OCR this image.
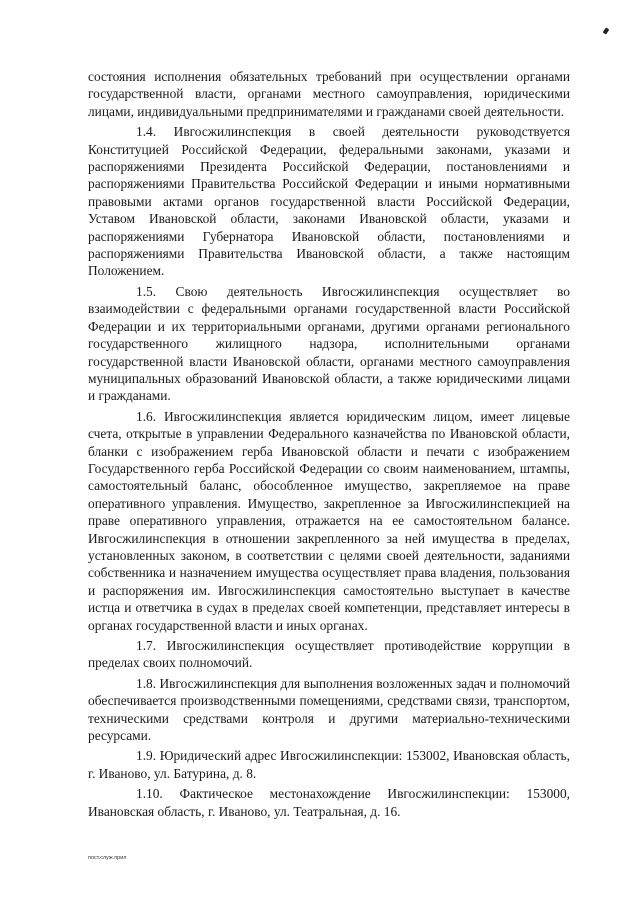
состояния исполнения обязательных требований при осуществлении органами государственной власти, органами местного самоуправления, юридическими лицами, индивидуальными предпринимателями и гражданами своей деятельности.

1.4. Ивгосжилинспекция в своей деятельности руководствуется Конституцией Российской Федерации, федеральными законами, указами и распоряжениями Президента Российской Федерации, постановлениями и распоряжениями Правительства Российской Федерации и иными нормативными правовыми актами органов государственной власти Российской Федерации, Уставом Ивановской области, законами Ивановской области, указами и распоряжениями Губернатора Ивановской области, постановлениями и распоряжениями Правительства Ивановской области, а также настоящим Положением.

1.5. Свою деятельность Ивгосжилинспекция осуществляет во взаимодействии с федеральными органами государственной власти Российской Федерации и их территориальными органами, другими органами регионального государственного жилищного надзора, исполнительными органами государственной власти Ивановской области, органами местного самоуправления муниципальных образований Ивановской области, а также юридическими лицами и гражданами.

1.6. Ивгосжилинспекция является юридическим лицом, имеет лицевые счета, открытые в управлении Федерального казначейства по Ивановской области, бланки с изображением герба Ивановской области и печати с изображением Государственного герба Российской Федерации со своим наименованием, штампы, самостоятельный баланс, обособленное имущество, закрепляемое на праве оперативного управления. Имущество, закрепленное за Ивгосжилинспекцией на праве оперативного управления, отражается на ее самостоятельном балансе. Ивгосжилинспекция в отношении закрепленного за ней имущества в пределах, установленных законом, в соответствии с целями своей деятельности, заданиями собственника и назначением имущества осуществляет права владения, пользования и распоряжения им. Ивгосжилинспекция самостоятельно выступает в качестве истца и ответчика в судах в пределах своей компетенции, представляет интересы в органах государственной власти и иных органах.

1.7. Ивгосжилинспекция осуществляет противодействие коррупции в пределах своих полномочий.

1.8. Ивгосжилинспекция для выполнения возложенных задач и полномочий обеспечивается производственными помещениями, средствами связи, транспортом, техническими средствами контроля и другими материально-техническими ресурсами.

1.9. Юридический адрес Ивгосжилинспекции: 153002, Ивановская область, г. Иваново, ул. Батурина, д. 8.

1.10. Фактическое местонахождение Ивгосжилинспекции: 153000, Ивановская область, г. Иваново, ул. Театральная, д. 16.

пост.служ.прил
